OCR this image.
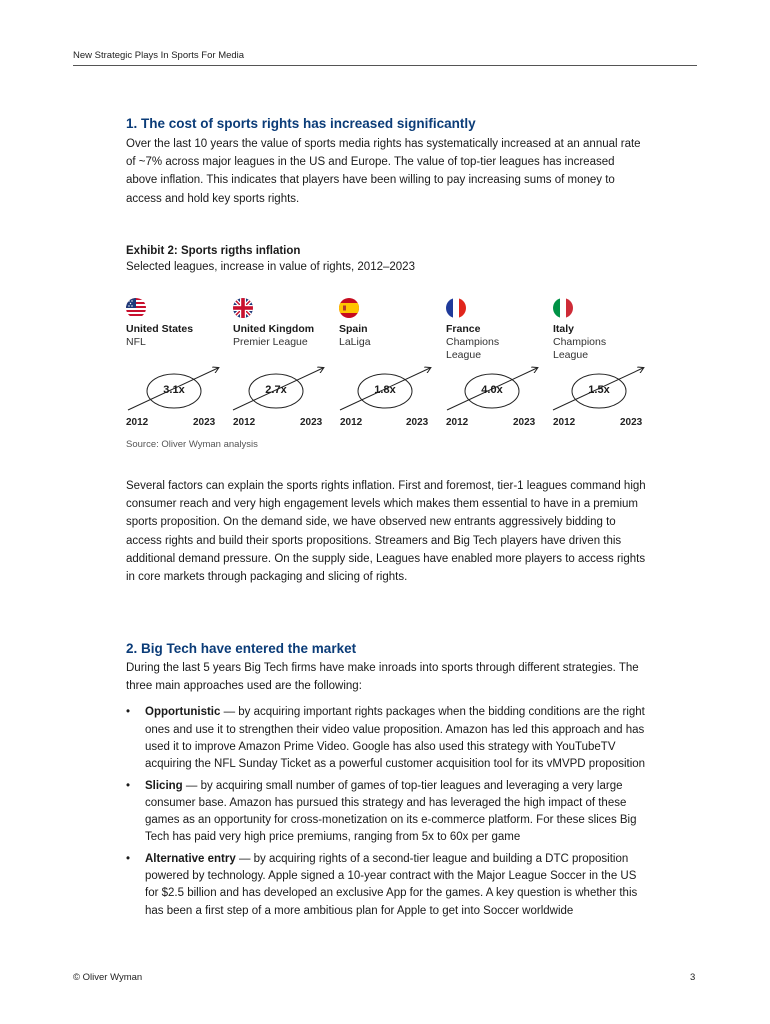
New Strategic Plays In Sports For Media
1. The cost of sports rights has increased significantly

Over the last 10 years the value of sports media rights has systematically increased at an annual rate of ~7% across major leagues in the US and Europe. The value of top-tier leagues has increased above inflation. This indicates that players have been willing to pay increasing sums of money to access and hold key sports rights.

Exhibit 2: Sports rigths inflation
Selected leagues, increase in value of rights, 2012–2023
United States
NFL
United Kingdom
Premier League
Spain
LaLiga
France
Champions League
Italy
Champions League
3.1x	2.7x	1.8x	4.0x	1.5x
2012	2023 2012	2023 2012	2023 2012	2023 2012	2023
Source: Oliver Wyman analysis

Several factors can explain the sports rights inflation. First and foremost, tier-1 leagues command high consumer reach and very high engagement levels which makes them essential to have in a premium sports proposition. On the demand side, we have observed new entrants aggressively bidding to access rights and build their sports propositions. Streamers and Big Tech players have driven this additional demand pressure. On the supply side, Leagues have enabled more players to access rights in core markets through packaging and slicing of rights.

2. Big Tech have entered the market

During the last 5 years Big Tech firms have make inroads into sports through different strategies. The three main approaches used are the following:

• Opportunistic — by acquiring important rights packages when the bidding conditions are the right ones and use it to strengthen their video value proposition. Amazon has led this approach and has used it to improve Amazon Prime Video. Google has also used this strategy with YouTubeTV acquiring the NFL Sunday Ticket as a powerful customer acquisition tool for its vMVPD proposition
• Slicing — by acquiring small number of games of top-tier leagues and leveraging a very large consumer base. Amazon has pursued this strategy and has leveraged the high impact of these games as an opportunity for cross-monetization on its e-commerce platform. For these slices Big Tech has paid very high price premiums, ranging from 5x to 60x per game
• Alternative entry — by acquiring rights of a second-tier league and building a DTC proposition powered by technology. Apple signed a 10-year contract with the Major League Soccer in the US for $2.5 billion and has developed an exclusive App for the games. A key question is whether this has been a first step of a more ambitious plan for Apple to get into Soccer worldwide
© Oliver Wyman	3
